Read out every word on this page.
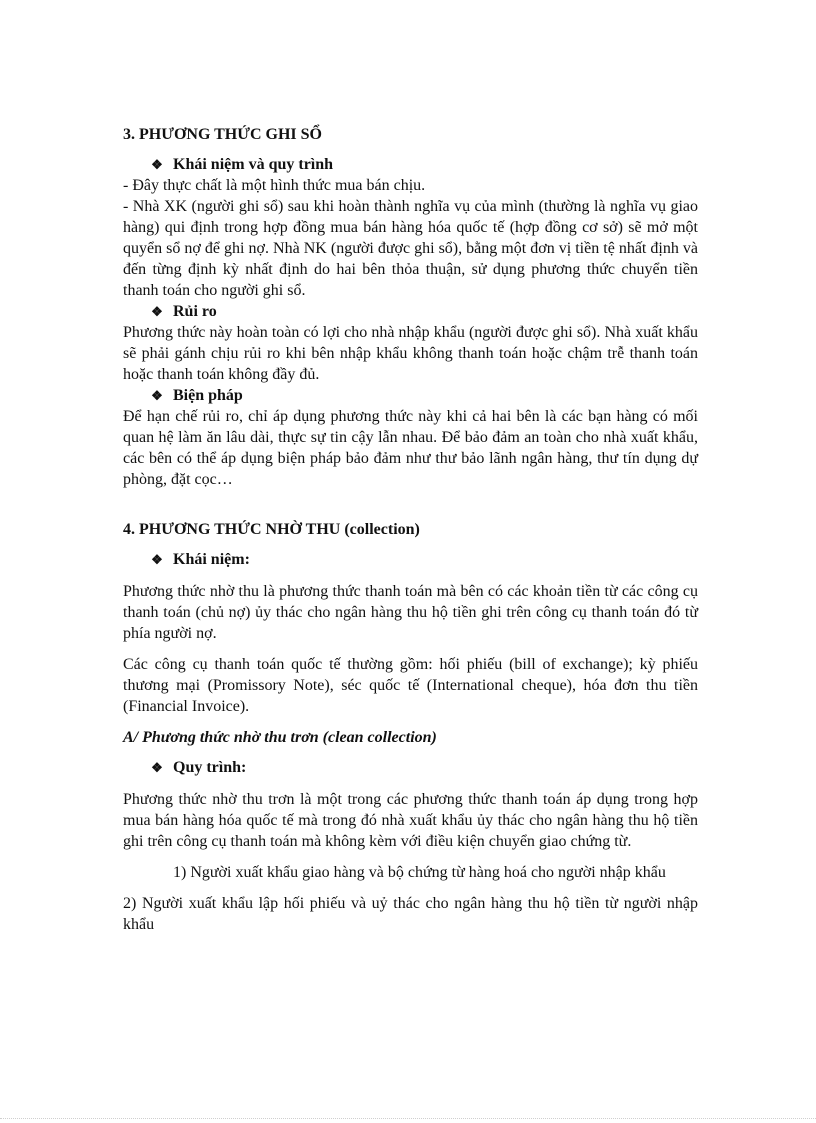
3. PHƯƠNG THỨC GHI SỔ

❖ Khái niệm và quy trình

- Đây thực chất là một hình thức mua bán chịu.

- Nhà XK (người ghi sổ) sau khi hoàn thành nghĩa vụ của mình (thường là nghĩa vụ giao hàng) qui định trong hợp đồng mua bán hàng hóa quốc tế (hợp đồng cơ sở) sẽ mở một quyển sổ nợ để ghi nợ. Nhà NK (người được ghi sổ), bằng một đơn vị tiền tệ nhất định và đến từng định kỳ nhất định do hai bên thỏa thuận, sử dụng phương thức chuyển tiền thanh toán cho người ghi sổ.

❖ Rủi ro

Phương thức này hoàn toàn có lợi cho nhà nhập khẩu (người được ghi sổ). Nhà xuất khẩu sẽ phải gánh chịu rủi ro khi bên nhập khẩu không thanh toán hoặc chậm trễ thanh toán hoặc thanh toán không đầy đủ.

❖ Biện pháp

Để hạn chế rủi ro, chỉ áp dụng phương thức này khi cả hai bên là các bạn hàng có mối quan hệ làm ăn lâu dài, thực sự tin cậy lẫn nhau. Để bảo đảm an toàn cho nhà xuất khẩu, các bên có thể áp dụng biện pháp bảo đảm như thư bảo lãnh ngân hàng, thư tín dụng dự phòng, đặt cọc…

4. PHƯƠNG THỨC NHỜ THU (collection)

❖ Khái niệm:

Phương thức nhờ thu là phương thức thanh toán mà bên có các khoản tiền từ các công cụ thanh toán (chủ nợ) ủy thác cho ngân hàng thu hộ tiền ghi trên công cụ thanh toán đó từ phía người nợ.

Các công cụ thanh toán quốc tế thường gồm: hối phiếu (bill of exchange); kỳ phiếu thương mại (Promissory Note), séc quốc tế (International cheque), hóa đơn thu tiền (Financial Invoice).

A/ Phương thức nhờ thu trơn (clean collection)

❖ Quy trình:

Phương thức nhờ thu trơn là một trong các phương thức thanh toán áp dụng trong hợp mua bán hàng hóa quốc tế mà trong đó nhà xuất khẩu ủy thác cho ngân hàng thu hộ tiền ghi trên công cụ thanh toán mà không kèm với điều kiện chuyển giao chứng từ.

1) Người xuất khẩu giao hàng và bộ chứng từ hàng hoá cho người nhập khẩu

2) Người xuất khẩu lập hối phiếu và uỷ thác cho ngân hàng thu hộ tiền từ người nhập khẩu
